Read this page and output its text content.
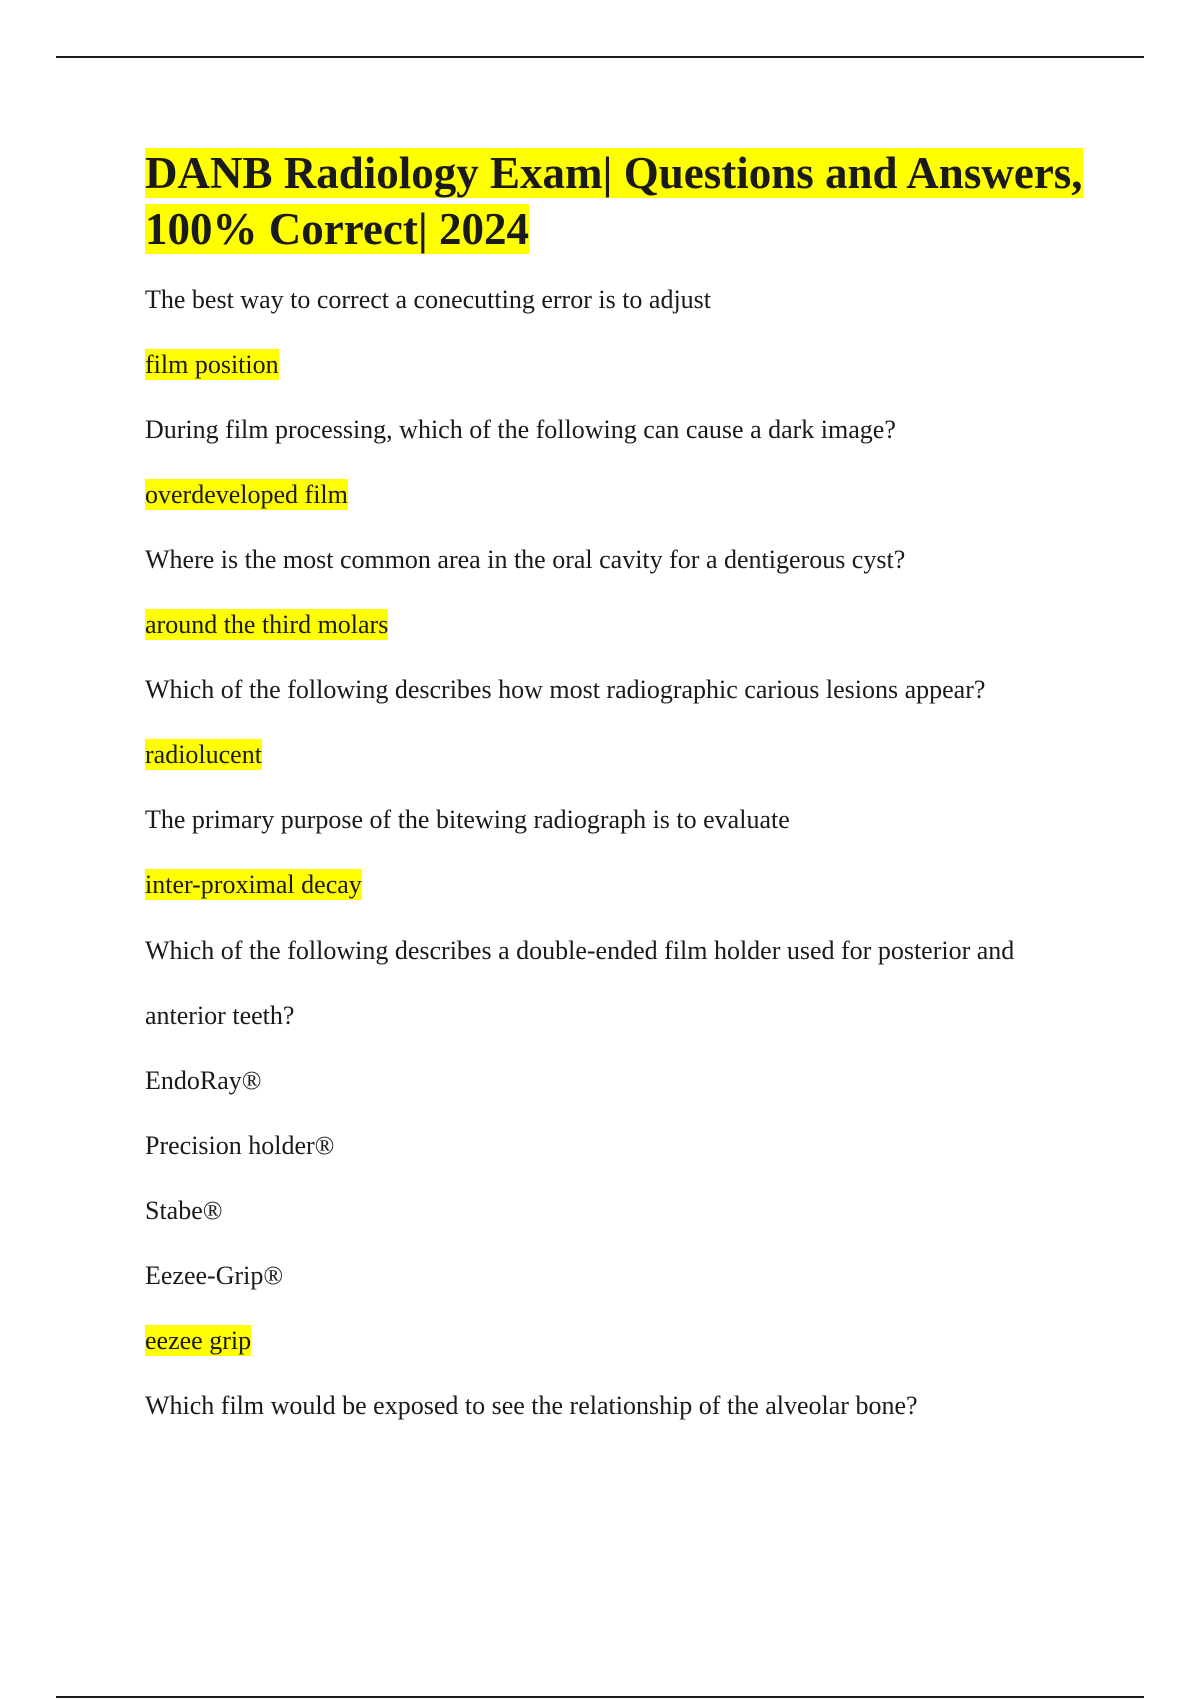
DANB Radiology Exam| Questions and Answers, 100% Correct| 2024
The best way to correct a conecutting error is to adjust
film position
During film processing, which of the following can cause a dark image?
overdeveloped film
Where is the most common area in the oral cavity for a dentigerous cyst?
around the third molars
Which of the following describes how most radiographic carious lesions appear?
radiolucent
The primary purpose of the bitewing radiograph is to evaluate
inter-proximal decay
Which of the following describes a double-ended film holder used for posterior and anterior teeth?
EndoRay®
Precision holder®
Stabe®
Eezee-Grip®
eezee grip
Which film would be exposed to see the relationship of the alveolar bone?
